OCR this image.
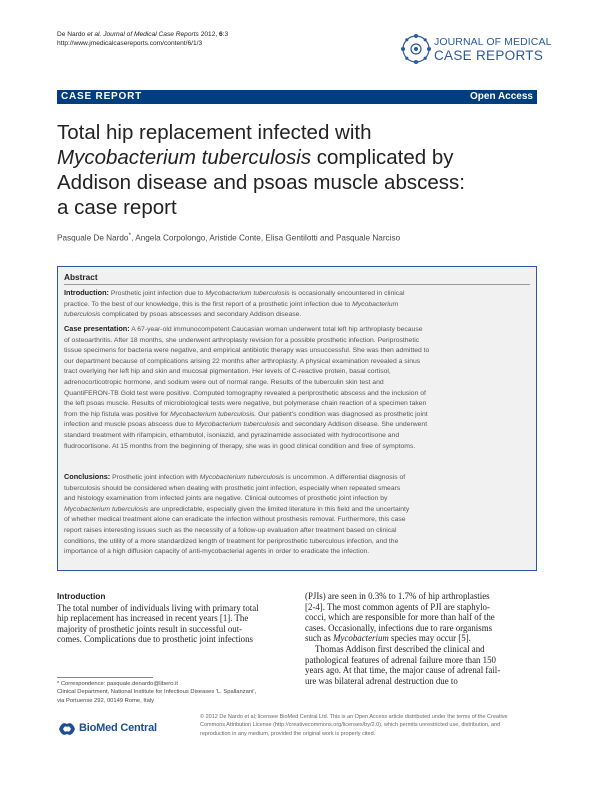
De Nardo et al. Journal of Medical Case Reports 2012, 6:3
http://www.jmedicalcasereports.com/content/6/1/3	JOURNAL OF MEDICAL
CASE REPORTS
CASE REPORT	Open Access
Total hip replacement infected with
Mycobacterium tuberculosis complicated by
Addison disease and psoas muscle abscess:
a case report
Pasquale De Nardo*, Angela Corpolongo, Aristide Conte, Elisa Gentilotti and Pasquale Narciso
Abstract
Introduction: Prosthetic joint infection due to Mycobacterium tuberculosis is occasionally encountered in clinical
practice. To the best of our knowledge, this is the first report of a prosthetic joint infection due to Mycobacterium
tuberculosis complicated by psoas abscesses and secondary Addison disease.
Case presentation: A 67-year-old immunocompetent Caucasian woman underwent total left hip arthroplasty because
of osteoarthritis. After 18 months, she underwent arthroplasty revision for a possible prosthetic infection. Periprosthetic
tissue specimens for bacteria were negative, and empirical antibiotic therapy was unsuccessful. She was then admitted to
our department because of complications arising 22 months after arthroplasty. A physical examination revealed a sinus
tract overlying her left hip and skin and mucosal pigmentation. Her levels of C-reactive protein, basal cortisol,
adrenocorticotropic hormone, and sodium were out of normal range. Results of the tuberculin skin test and
QuantiFERON-TB Gold test were positive. Computed tomography revealed a periprosthetic abscess and the inclusion of
the left psoas muscle. Results of microbiological tests were negative, but polymerase chain reaction of a specimen taken
from the hip fistula was positive for Mycobacterium tuberculosis. Our patient's condition was diagnosed as prosthetic joint
infection and muscle psoas abscess due to Mycobacterium tuberculosis and secondary Addison disease. She underwent
standard treatment with rifampicin, ethambutol, isoniazid, and pyrazinamide associated with hydrocortisone and
fludrocortisone. At 15 months from the beginning of therapy, she was in good clinical condition and free of symptoms.
Conclusions: Prosthetic joint infection with Mycobacterium tuberculosis is uncommon. A differential diagnosis of
tuberculosis should be considered when dealing with prosthetic joint infection, especially when repeated smears
and histology examination from infected joints are negative. Clinical outcomes of prosthetic joint infection by
Mycobacterium tuberculosis are unpredictable, especially given the limited literature in this field and the uncertainty
of whether medical treatment alone can eradicate the infection without prosthesis removal. Furthermore, this case
report raises interesting issues such as the necessity of a follow-up evaluation after treatment based on clinical
conditions, the utility of a more standardized length of treatment for periprosthetic tuberculous infection, and the
importance of a high diffusion capacity of anti-mycobacterial agents in order to eradicate the infection.
Introduction
The total number of individuals living with primary total
hip replacement has increased in recent years [1]. The
majority of prosthetic joints result in successful out-
comes. Complications due to prosthetic joint infections
(PJIs) are seen in 0.3% to 1.7% of hip arthroplasties
[2-4]. The most common agents of PJI are staphylo-
cocci, which are responsible for more than half of the
cases. Occasionally, infections due to rare organisms
such as Mycobacterium species may occur [5].
Thomas Addison first described the clinical and
pathological features of adrenal failure more than 150
years ago. At that time, the major cause of adrenal fail-
ure was bilateral adrenal destruction due to
* Correspondence: pasquale.denardo@libero.it
Clinical Department, National Institute for Infectious Diseases 'L. Spallanzani',
via Portuense 292, 00149 Rome, Italy
BioMed Central
© 2012 De Nardo et al; licensee BioMed Central Ltd. This is an Open Access article distributed under the terms of the Creative
Commons Attribution License (http://creativecommons.org/licenses/by/2.0), which permits unrestricted use, distribution, and
reproduction in any medium, provided the original work is properly cited.
